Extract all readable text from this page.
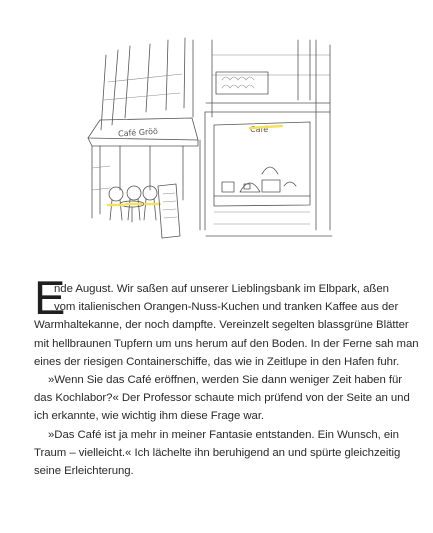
Café Gröö	Café
E
nde August. Wir saßen auf unserer Lieblingsbank im Elbpark, aßen
vom italienischen Orangen-Nuss-Kuchen und tranken Kaffee aus der
Warmhaltekanne, der noch dampfte. Vereinzelt segelten blassgrüne Blätter
mit hellbraunen Tupfern um uns herum auf den Boden. In der Ferne sah man
eines der riesigen Containerschiffe, das wie in Zeitlupe in den Hafen fuhr.
»Wenn Sie das Café eröffnen, werden Sie dann weniger Zeit haben für
das Kochlabor?« Der Professor schaute mich prüfend von der Seite an und
ich erkannte, wie wichtig ihm diese Frage war.
»Das Café ist ja mehr in meiner Fantasie entstanden. Ein Wunsch, ein
Traum – vielleicht.« Ich lächelte ihn beruhigend an und spürte gleichzeitig
seine Erleichterung.
